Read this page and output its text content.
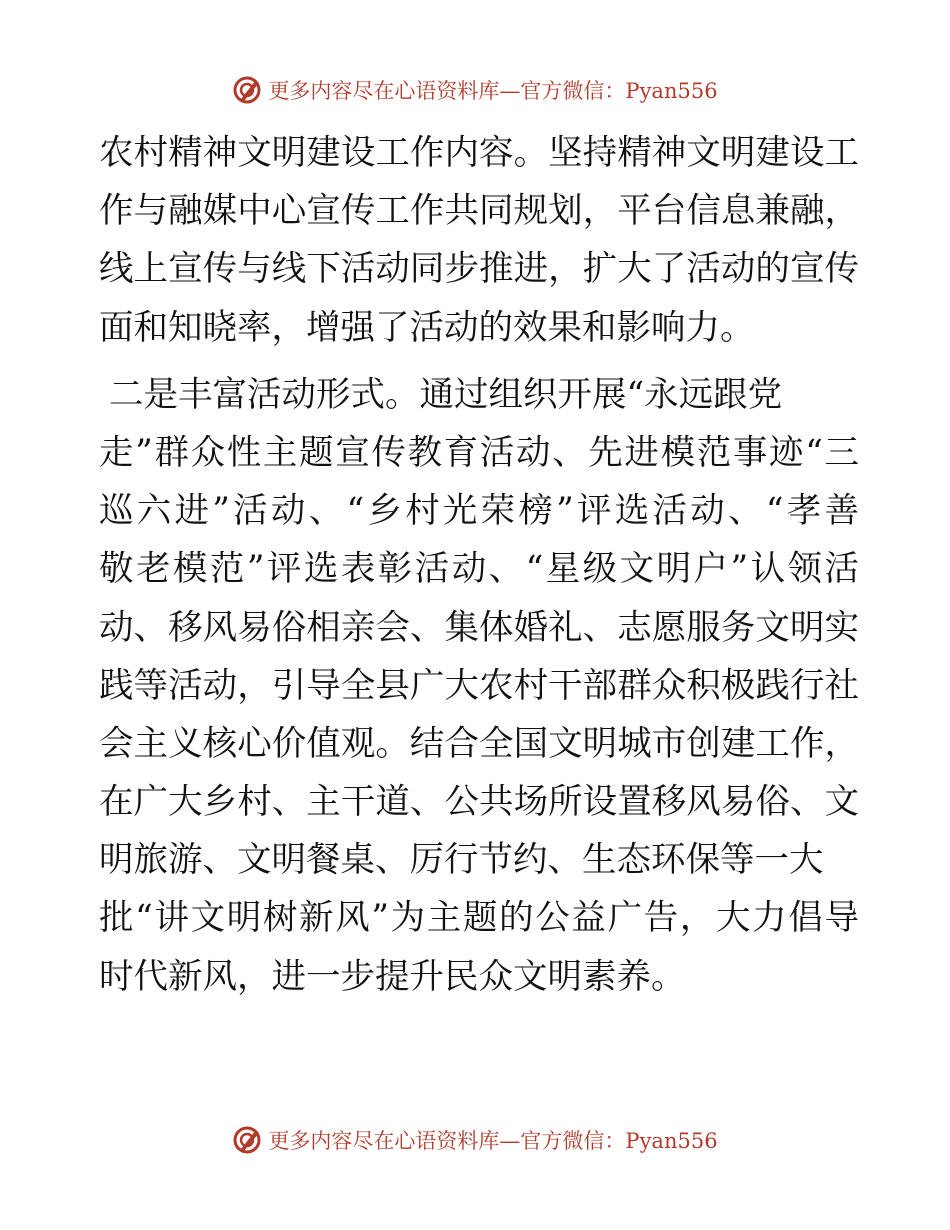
更多内容尽在心语资料库—官方微信：Pyan556

农村精神文明建设工作内容。坚持精神文明建设工
作与融媒中心宣传工作共同规划，平台信息兼融，
线上宣传与线下活动同步推进，扩大了活动的宣传
面和知晓率，增强了活动的效果和影响力。

二是丰富活动形式。通过组织开展“永远跟党
走”群众性主题宣传教育活动、先进模范事迹“三
巡六进”活动、“乡村光荣榜”评选活动、“孝善
敬老模范”评选表彰活动、“星级文明户”认领活
动、移风易俗相亲会、集体婚礼、志愿服务文明实
践等活动，引导全县广大农村干部群众积极践行社
会主义核心价值观。结合全国文明城市创建工作，
在广大乡村、主干道、公共场所设置移风易俗、文
明旅游、文明餐桌、厉行节约、生态环保等一大
批“讲文明树新风”为主题的公益广告，大力倡导
时代新风，进一步提升民众文明素养。

更多内容尽在心语资料库—官方微信：Pyan556
